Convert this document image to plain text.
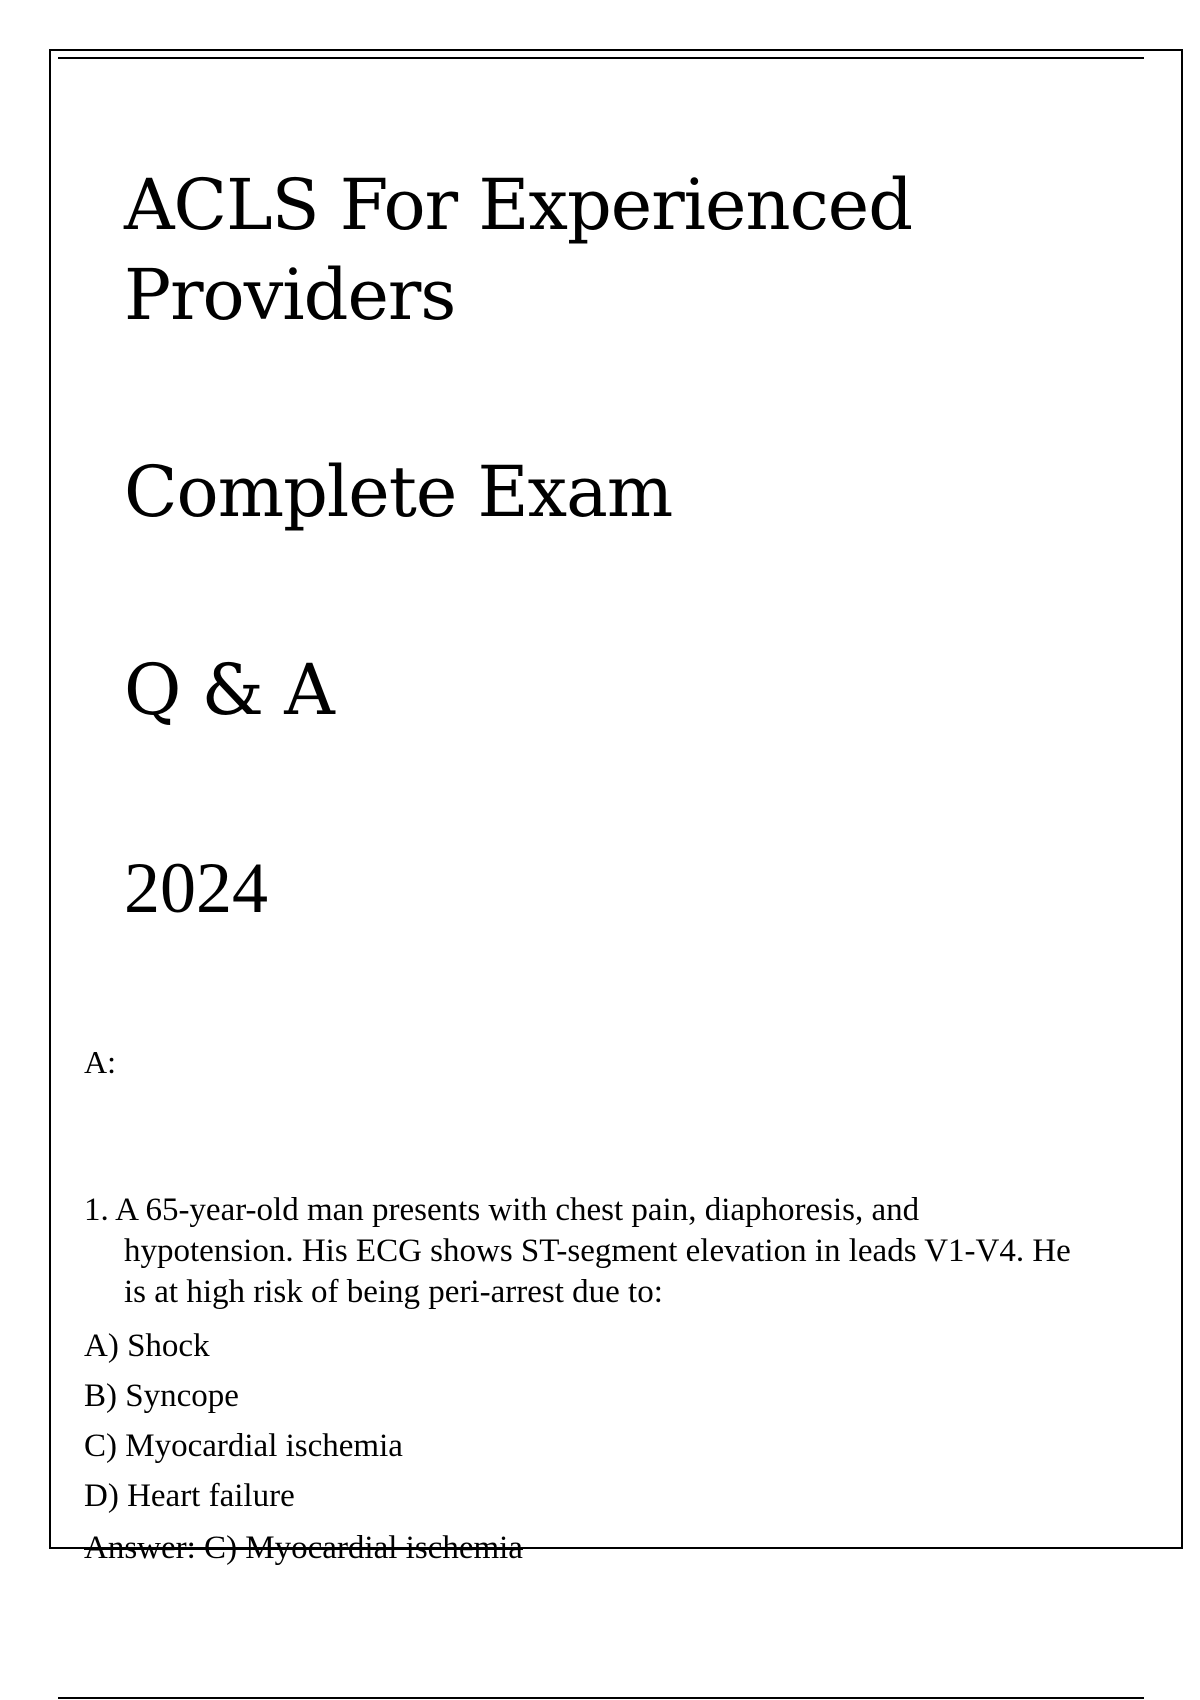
ACLS For Experienced
Providers
Complete Exam
Q & A
2024
A:
1. A 65-year-old man presents with chest pain, diaphoresis, and hypotension. His ECG shows ST-segment elevation in leads V1-V4. He is at high risk of being peri-arrest due to:
A) Shock
B) Syncope
C) Myocardial ischemia
D) Heart failure
Answer: C) Myocardial ischemia
